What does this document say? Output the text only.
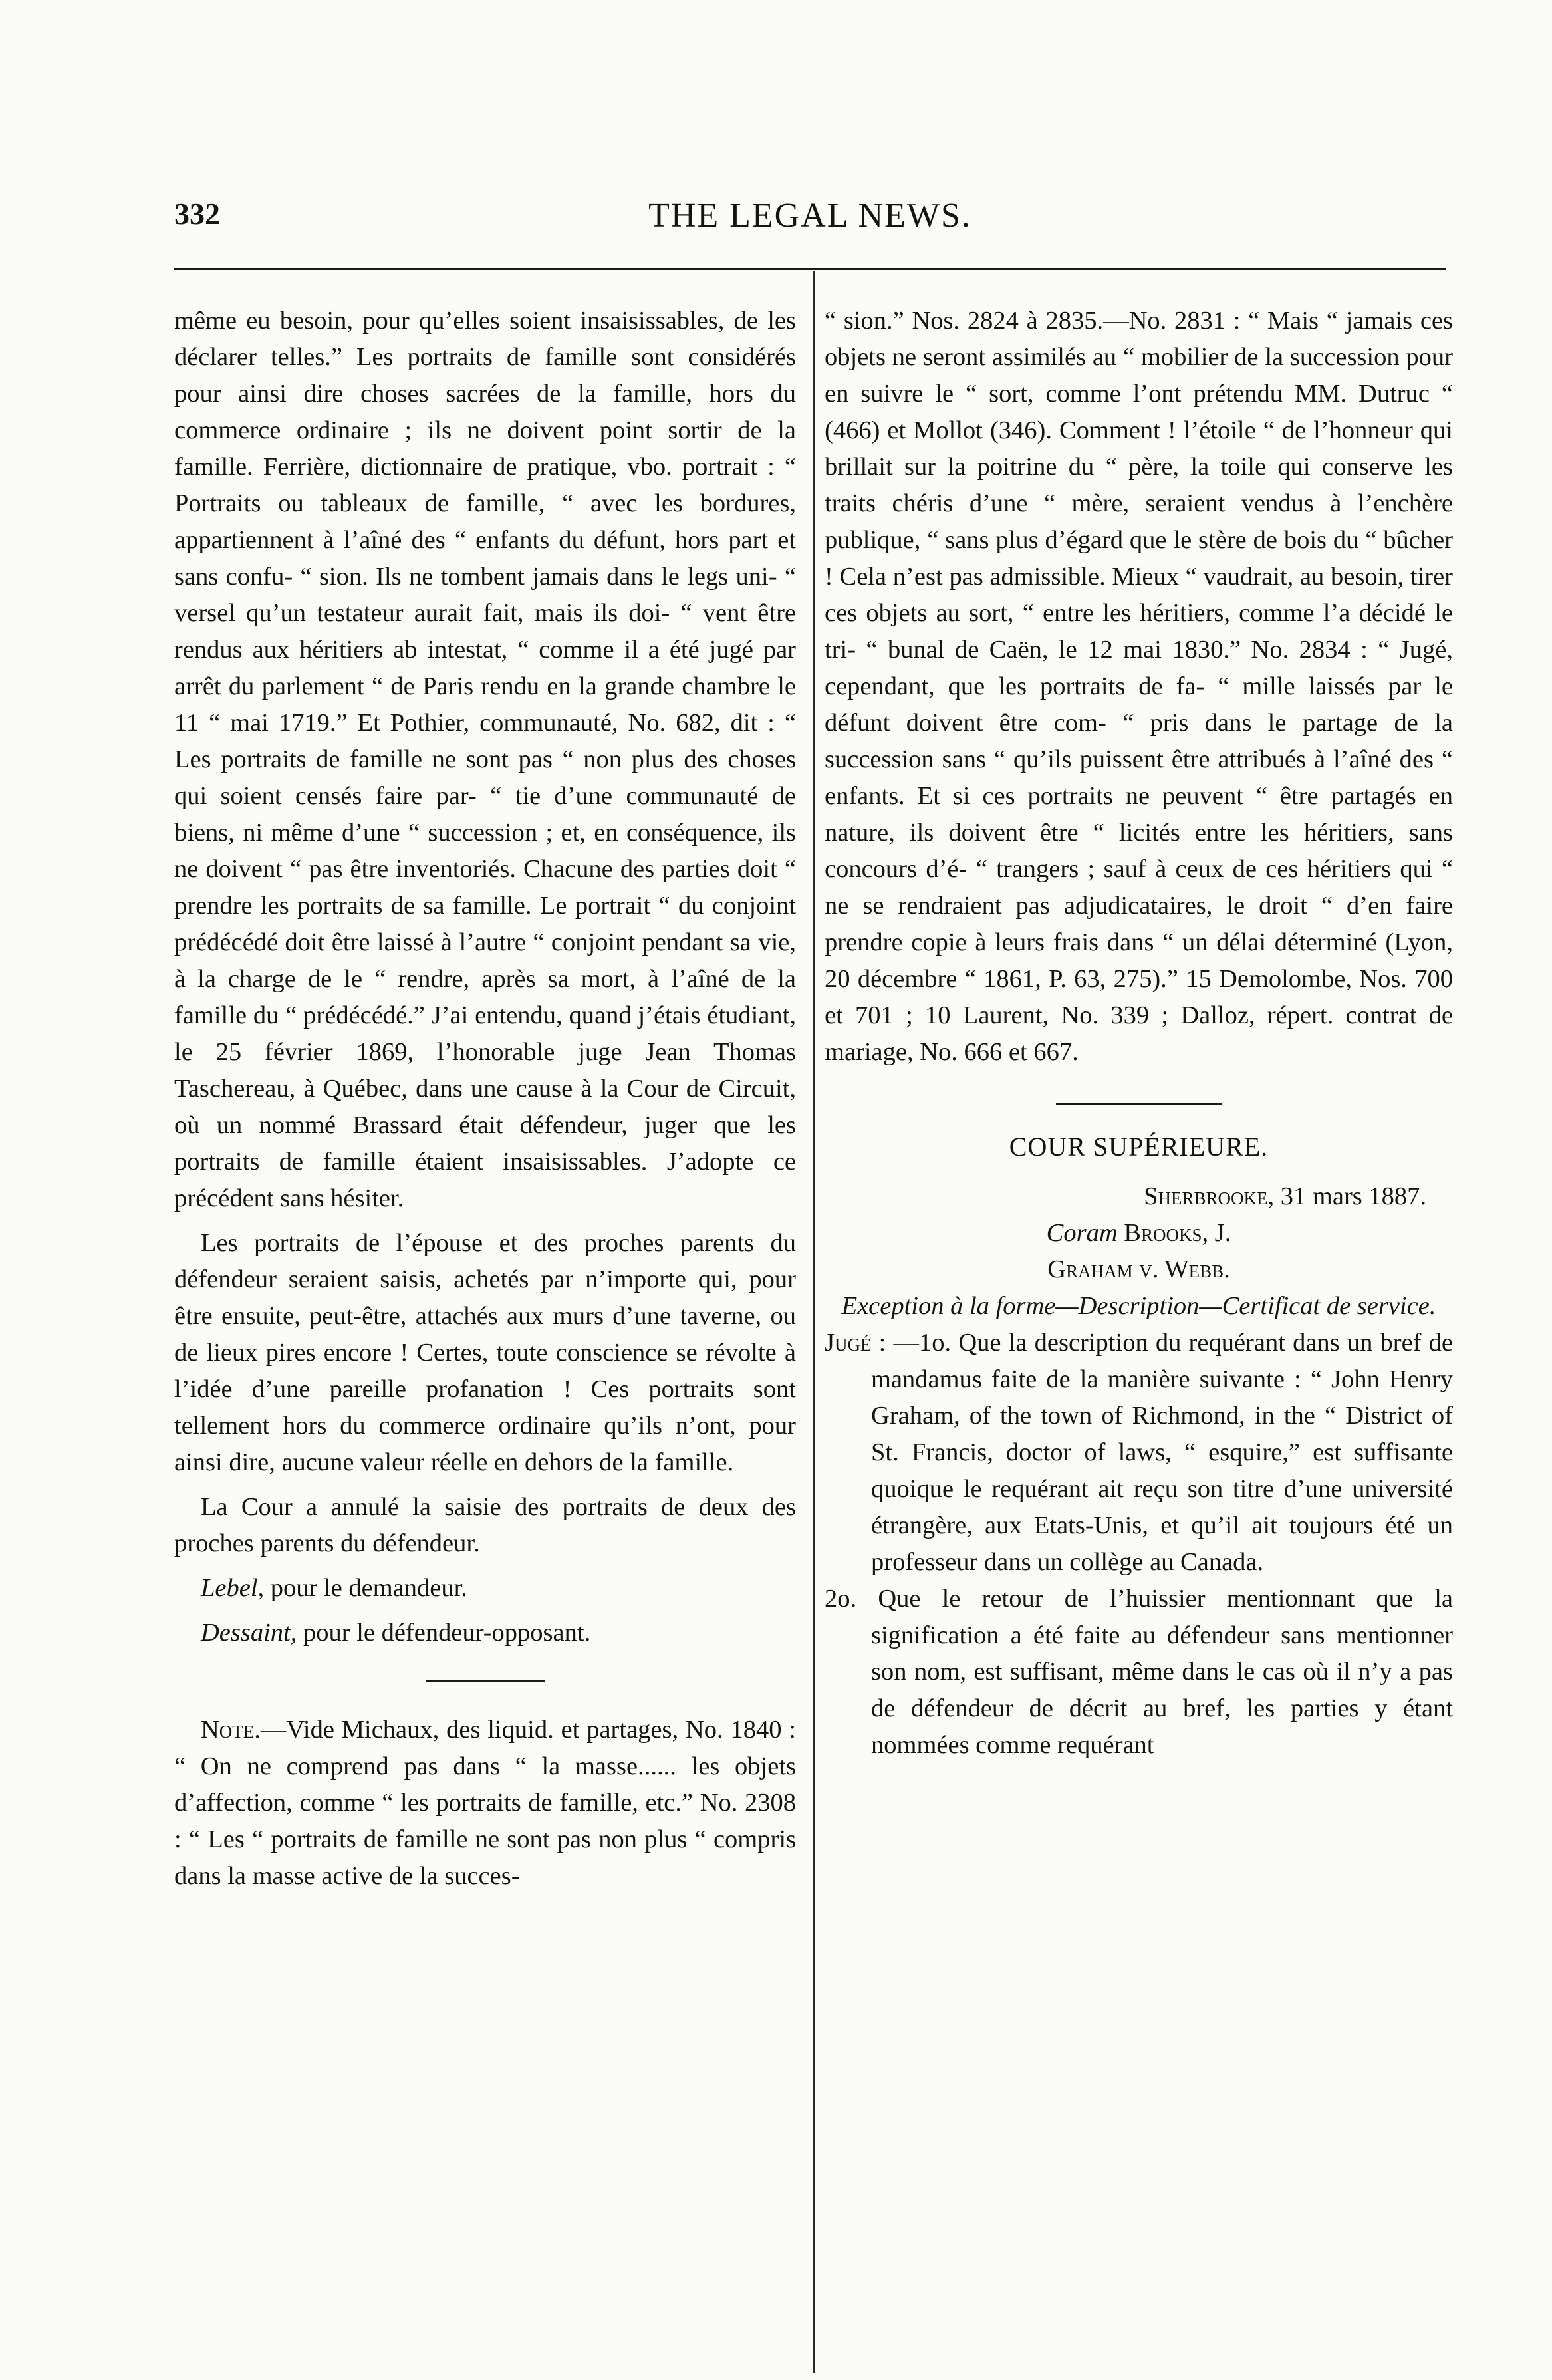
332	THE LEGAL NEWS.

même eu besoin, pour qu’elles soient insaisissables, de les déclarer telles.” Les portraits de famille sont considérés pour ainsi dire choses sacrées de la famille, hors du commerce ordinaire ; ils ne doivent point sortir de la famille. Ferrière, dictionnaire de pratique, vbo. portrait : “ Portraits ou tableaux de famille, “ avec les bordures, appartiennent à l’aîné des “ enfants du défunt, hors part et sans confu- “ sion. Ils ne tombent jamais dans le legs uni- “ versel qu’un testateur aurait fait, mais ils doi- “ vent être rendus aux héritiers ab intestat, “ comme il a été jugé par arrêt du parlement “ de Paris rendu en la grande chambre le 11 “ mai 1719.” Et Pothier, communauté, No. 682, dit : “ Les portraits de famille ne sont pas “ non plus des choses qui soient censés faire par- “ tie d’une communauté de biens, ni même d’une “ succession ; et, en conséquence, ils ne doivent “ pas être inventoriés. Chacune des parties doit “ prendre les portraits de sa famille. Le portrait “ du conjoint prédécédé doit être laissé à l’autre “ conjoint pendant sa vie, à la charge de le “ rendre, après sa mort, à l’aîné de la famille du “ prédécédé.” J’ai entendu, quand j’étais étudiant, le 25 février 1869, l’honorable juge Jean Thomas Taschereau, à Québec, dans une cause à la Cour de Circuit, où un nommé Brassard était défendeur, juger que les portraits de famille étaient insaisissables. J’adopte ce précédent sans hésiter.

Les portraits de l’épouse et des proches parents du défendeur seraient saisis, achetés par n’importe qui, pour être ensuite, peut-être, attachés aux murs d’une taverne, ou de lieux pires encore ! Certes, toute conscience se révolte à l’idée d’une pareille profanation ! Ces portraits sont tellement hors du commerce ordinaire qu’ils n’ont, pour ainsi dire, aucune valeur réelle en dehors de la famille.

La Cour a annulé la saisie des portraits de deux des proches parents du défendeur.

Lebel, pour le demandeur.

Dessaint, pour le défendeur-opposant.

Note.—Vide Michaux, des liquid. et partages, No. 1840 : “ On ne comprend pas dans “ la masse...... les objets d’affection, comme “ les portraits de famille, etc.” No. 2308 : “ Les “ portraits de famille ne sont pas non plus “ compris dans la masse active de la succes-

“ sion.” Nos. 2824 à 2835.—No. 2831 : “ Mais “ jamais ces objets ne seront assimilés au “ mobilier de la succession pour en suivre le “ sort, comme l’ont prétendu MM. Dutruc “ (466) et Mollot (346). Comment ! l’étoile “ de l’honneur qui brillait sur la poitrine du “ père, la toile qui conserve les traits chéris d’une “ mère, seraient vendus à l’enchère publique, “ sans plus d’égard que le stère de bois du “ bûcher ! Cela n’est pas admissible. Mieux “ vaudrait, au besoin, tirer ces objets au sort, “ entre les héritiers, comme l’a décidé le tri- “ bunal de Caën, le 12 mai 1830.” No. 2834 : “ Jugé, cependant, que les portraits de fa- “ mille laissés par le défunt doivent être com- “ pris dans le partage de la succession sans “ qu’ils puissent être attribués à l’aîné des “ enfants. Et si ces portraits ne peuvent “ être partagés en nature, ils doivent être “ licités entre les héritiers, sans concours d’é- “ trangers ; sauf à ceux de ces héritiers qui “ ne se rendraient pas adjudicataires, le droit “ d’en faire prendre copie à leurs frais dans “ un délai déterminé (Lyon, 20 décembre “ 1861, P. 63, 275).” 15 Demolombe, Nos. 700 et 701 ; 10 Laurent, No. 339 ; Dalloz, répert. contrat de mariage, No. 666 et 667.

COUR SUPÉRIEURE.

Sherbrooke, 31 mars 1887.

Coram Brooks, J.

Graham v. Webb.

Exception à la forme—Description—Certificat de service.

Jugé : —1o. Que la description du requérant dans un bref de mandamus faite de la manière suivante : “ John Henry Graham, of the town of Richmond, in the “ District of St. Francis, doctor of laws, “ esquire,” est suffisante quoique le requérant ait reçu son titre d’une université étrangère, aux Etats-Unis, et qu’il ait toujours été un professeur dans un collège au Canada.

2o. Que le retour de l’huissier mentionnant que la signification a été faite au défendeur sans mentionner son nom, est suffisant, même dans le cas où il n’y a pas de défendeur de décrit au bref, les parties y étant nommées comme requérant
